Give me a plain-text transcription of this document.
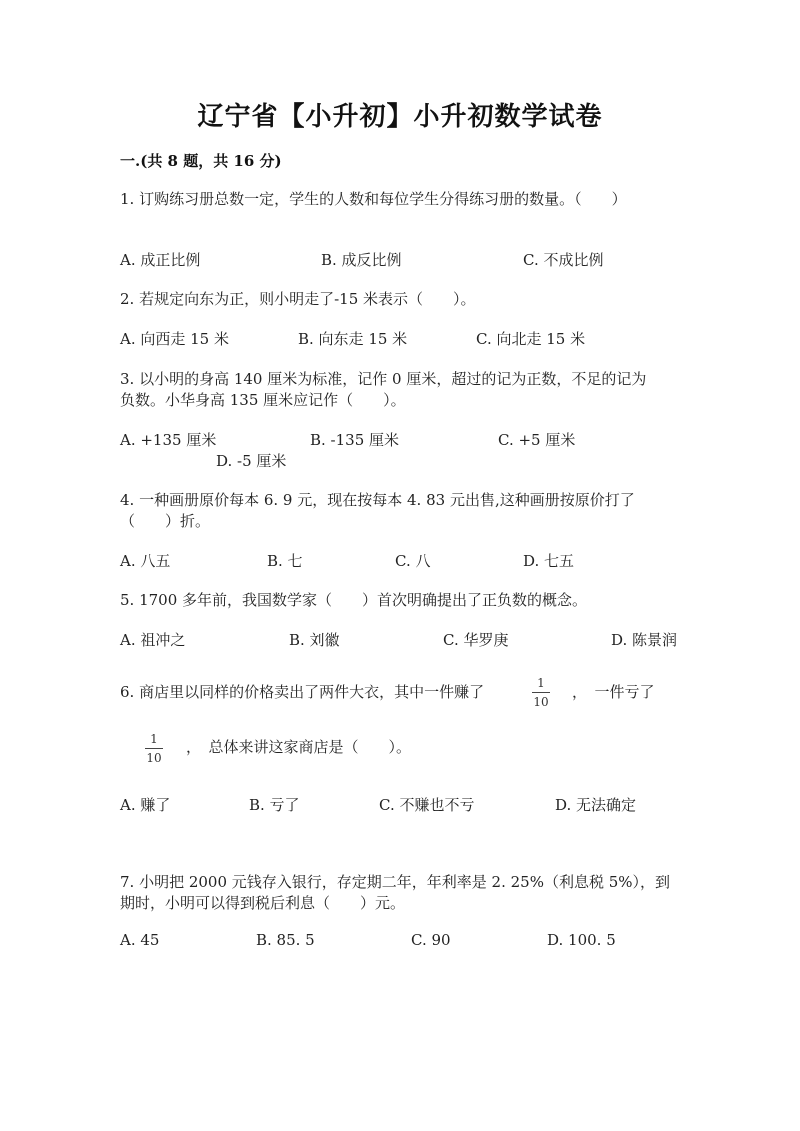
辽宁省【小升初】小升初数学试卷
一.(共 8 题，共 16 分)
1. 订购练习册总数一定，学生的人数和每位学生分得练习册的数量。（　　）
A. 成正比例	B. 成反比例	C. 不成比例
2. 若规定向东为正，则小明走了-15 米表示（　　）。
A. 向西走 15 米	B. 向东走 15 米	C. 向北走 15 米
3. 以小明的身高 140 厘米为标准，记作 0 厘米，超过的记为正数，不足的记为
负数。小华身高 135 厘米应记作（　　）。
A. +135 厘米	B. -135 厘米	C. +5 厘米
D. -5 厘米
4. 一种画册原价每本 6. 9 元，现在按每本 4. 83 元出售,这种画册按原价打了
（　　）折。
A. 八五	B. 七	C. 八	D. 七五
5. 1700 多年前，我国数学家（　　）首次明确提出了正负数的概念。
A. 祖冲之	B. 刘徽	C. 华罗庚	D. 陈景润
6. 商店里以同样的价格卖出了两件大衣，其中一件赚了	1
10
，　一件亏了
1
10
，　总体来讲这家商店是（　　）。
A. 赚了	B. 亏了	C. 不赚也不亏	D. 无法确定
7. 小明把 2000 元钱存入银行，存定期二年，年利率是 2. 25%（利息税 5%），到
期时，小明可以得到税后利息（　　）元。
A. 45	B. 85. 5	C. 90	D. 100. 5
